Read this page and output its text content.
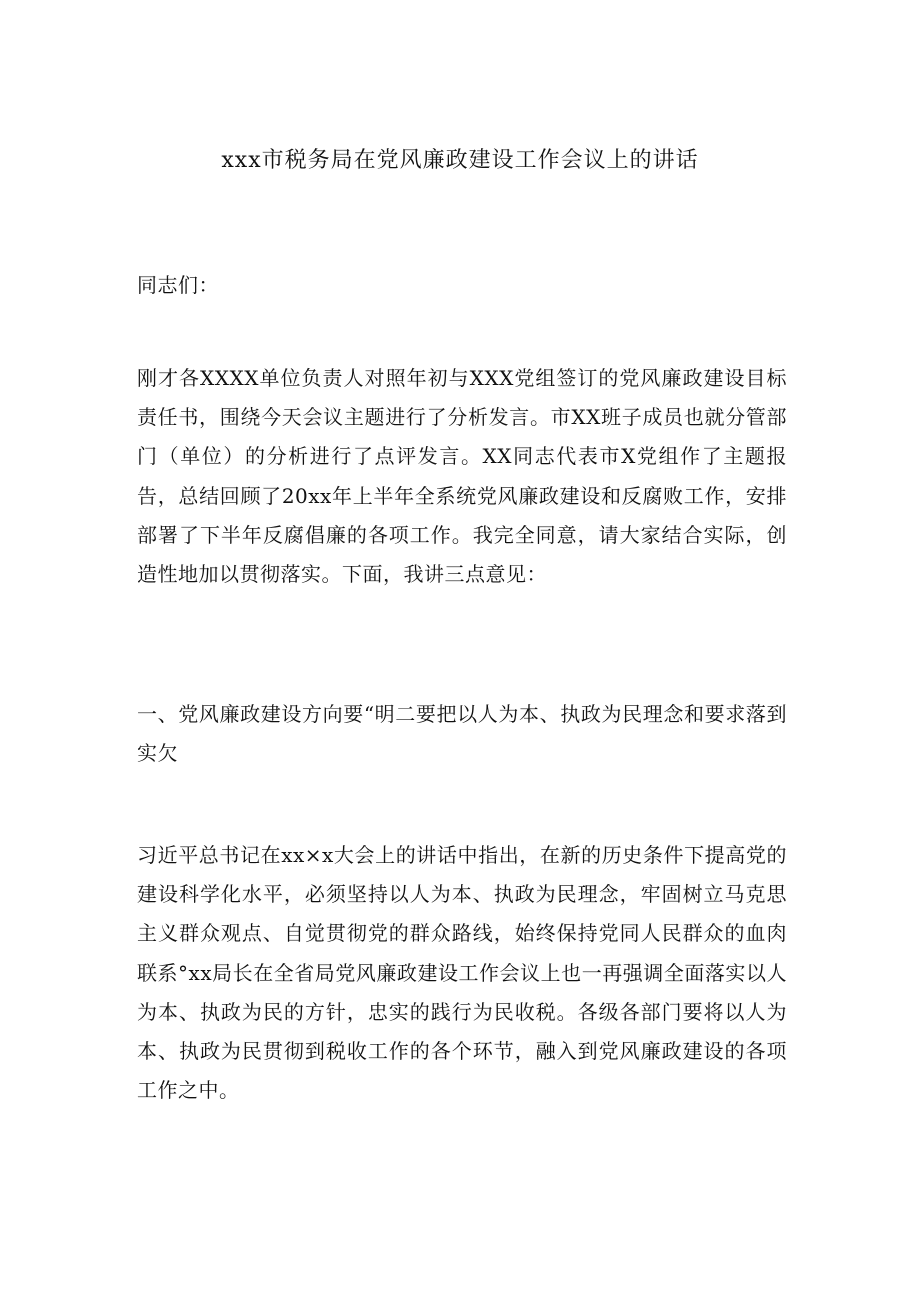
xxx市税务局在党风廉政建设工作会议上的讲话

同志们：

刚才各XXXX单位负责人对照年初与XXX党组签订的党风廉政建设目标责任书，围绕今天会议主题进行了分析发言。市XX班子成员也就分管部门（单位）的分析进行了点评发言。XX同志代表市X党组作了主题报告，总结回顾了20xx年上半年全系统党风廉政建设和反腐败工作，安排部署了下半年反腐倡廉的各项工作。我完全同意，请大家结合实际，创造性地加以贯彻落实。下面，我讲三点意见：

一、党风廉政建设方向要“明二要把以人为本、执政为民理念和要求落到实欠

习近平总书记在xx×x大会上的讲话中指出，在新的历史条件下提高党的建设科学化水平，必须坚持以人为本、执政为民理念，牢固树立马克思主义群众观点、自觉贯彻党的群众路线，始终保持党同人民群众的血肉联系°xx局长在全省局党风廉政建设工作会议上也一再强调全面落实以人为本、执政为民的方针，忠实的践行为民收税。各级各部门要将以人为本、执政为民贯彻到税收工作的各个环节，融入到党风廉政建设的各项工作之中。
